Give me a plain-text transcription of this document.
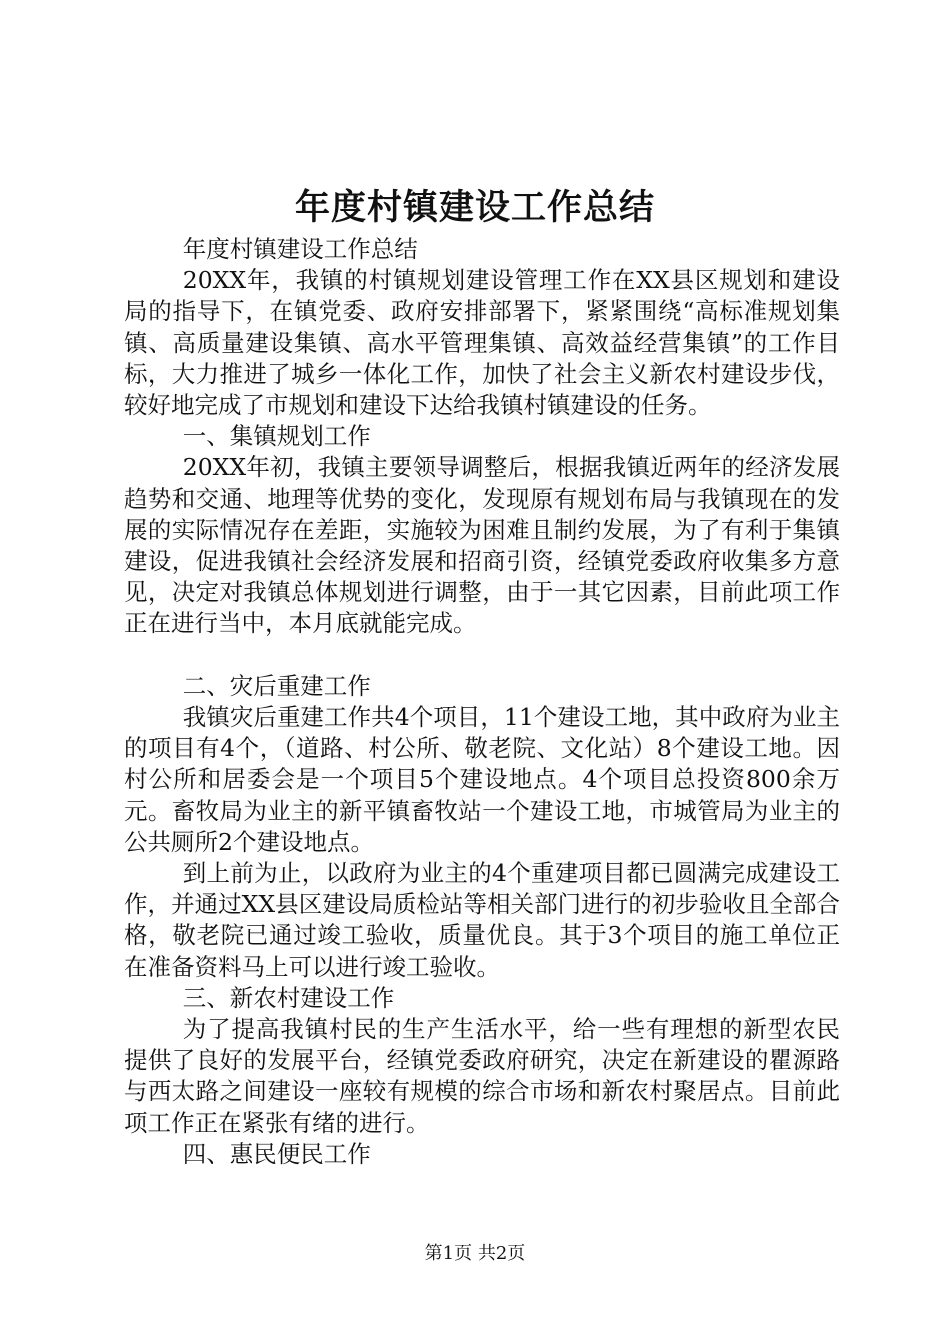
年度村镇建设工作总结

年度村镇建设工作总结

20XX年，我镇的村镇规划建设管理工作在XX县区规划和建设局的指导下，在镇党委、政府安排部署下，紧紧围绕“高标准规划集镇、高质量建设集镇、高水平管理集镇、高效益经营集镇”的工作目标，大力推进了城乡一体化工作，加快了社会主义新农村建设步伐，较好地完成了市规划和建设下达给我镇村镇建设的任务。

一、集镇规划工作

20XX年初，我镇主要领导调整后，根据我镇近两年的经济发展趋势和交通、地理等优势的变化，发现原有规划布局与我镇现在的发展的实际情况存在差距，实施较为困难且制约发展，为了有利于集镇建设，促进我镇社会经济发展和招商引资，经镇党委政府收集多方意见，决定对我镇总体规划进行调整，由于一其它因素，目前此项工作正在进行当中，本月底就能完成。

二、灾后重建工作

我镇灾后重建工作共4个项目，11个建设工地，其中政府为业主的项目有4个，（道路、村公所、敬老院、文化站）8个建设工地。因村公所和居委会是一个项目5个建设地点。4个项目总投资800余万元。畜牧局为业主的新平镇畜牧站一个建设工地，市城管局为业主的公共厕所2个建设地点。

到上前为止，以政府为业主的4个重建项目都已圆满完成建设工作，并通过XX县区建设局质检站等相关部门进行的初步验收且全部合格，敬老院已通过竣工验收，质量优良。其于3个项目的施工单位正在准备资料马上可以进行竣工验收。

三、新农村建设工作

为了提高我镇村民的生产生活水平，给一些有理想的新型农民提供了良好的发展平台，经镇党委政府研究，决定在新建设的瞿源路与西太路之间建设一座较有规模的综合市场和新农村聚居点。目前此项工作正在紧张有绪的进行。

四、惠民便民工作

第1页 共2页
